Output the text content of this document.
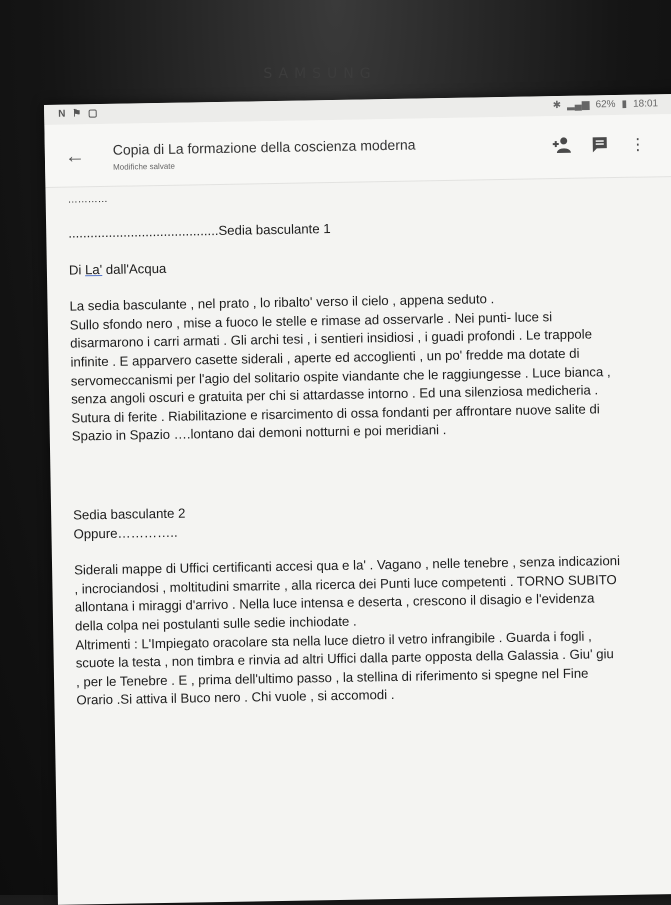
SAMSUNG
N ⚑ ▢
✱ ▂▄▆ 62% ▮ 18:01
← Copia di La formazione della coscienza moderna
Modifiche salvate
⋮

…………

.........................................Sedia basculante 1

Di La' dall'Acqua

La sedia basculante , nel prato , lo ribalto' verso il cielo , appena seduto .

Sullo sfondo nero , mise a fuoco le stelle e rimase ad osservarle . Nei punti- luce si

disarmarono i carri armati . Gli archi tesi , i sentieri insidiosi , i guadi profondi . Le trappole

infinite . E apparvero casette siderali , aperte ed accoglienti , un po' fredde ma dotate di

servomeccanismi per l'agio del solitario ospite viandante che le raggiungesse . Luce bianca ,

senza angoli oscuri e gratuita per chi si attardasse intorno . Ed una silenziosa medicheria .

Sutura di ferite . Riabilitazione e risarcimento di ossa fondanti per affrontare nuove salite di

Spazio in Spazio ….lontano dai demoni notturni e poi meridiani .

Sedia basculante 2

Oppure…………..

Siderali mappe di Uffici certificanti accesi qua e la' . Vagano , nelle tenebre , senza indicazioni

, incrociandosi , moltitudini smarrite , alla ricerca dei Punti luce competenti . TORNO SUBITO

allontana i miraggi d'arrivo . Nella luce intensa e deserta , crescono il disagio e l'evidenza

della colpa nei postulanti sulle sedie inchiodate .

Altrimenti : L'Impiegato oracolare sta nella luce dietro il vetro infrangibile . Guarda i fogli ,

scuote la testa , non timbra e rinvia ad altri Uffici dalla parte opposta della Galassia . Giu' giu

, per le Tenebre . E , prima dell'ultimo passo , la stellina di riferimento si spegne nel Fine

Orario .Si attiva il Buco nero . Chi vuole , si accomodi .
